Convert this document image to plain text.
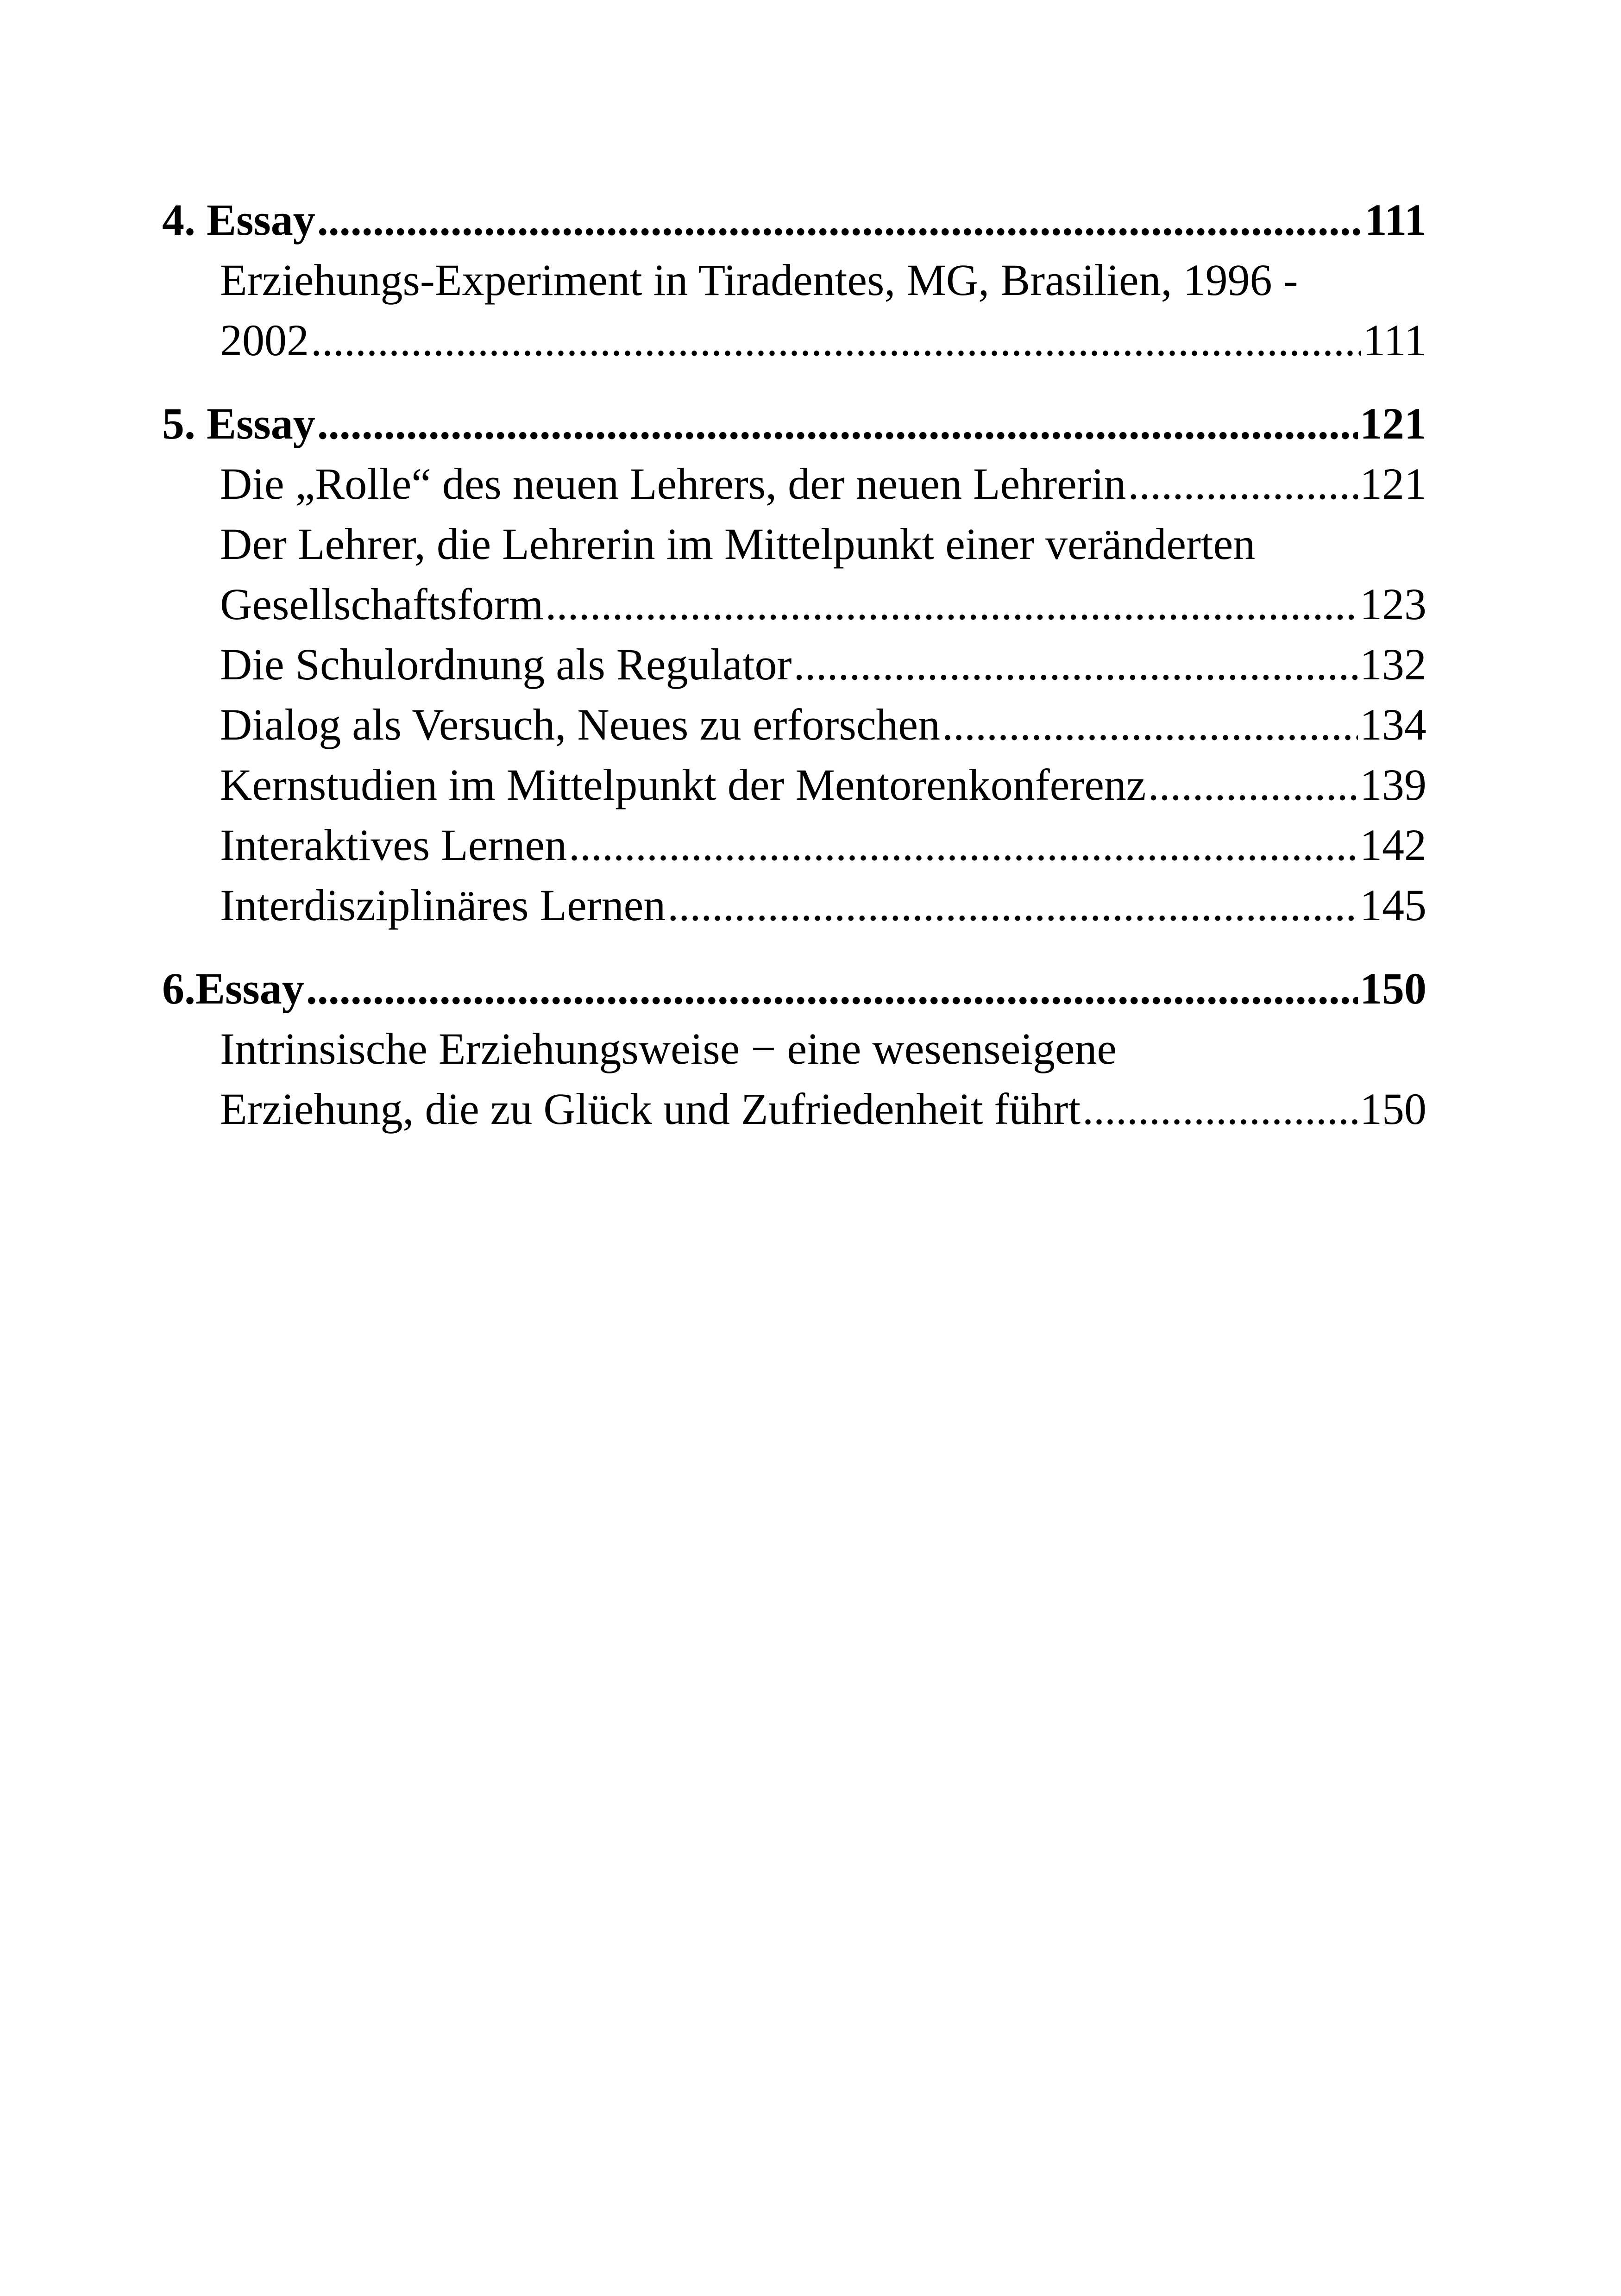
4. Essay .....	111
Erziehungs-Experiment in Tiradentes, MG, Brasilien, 1996 -
2002 .....	111
5. Essay .....	121
Die „Rolle“ des neuen Lehrers, der neuen Lehrerin .....	121
Der Lehrer, die Lehrerin im Mittelpunkt einer veränderten
Gesellschaftsform .....	123
Die Schulordnung als Regulator .....	132
Dialog als Versuch, Neues zu erforschen .....	134
Kernstudien im Mittelpunkt der Mentorenkonferenz .....	139
Interaktives Lernen .....	142
Interdisziplinäres Lernen .....	145
6.Essay .....	150
Intrinsische Erziehungsweise − eine wesenseigene
Erziehung, die zu Glück und Zufriedenheit führt .....	150
